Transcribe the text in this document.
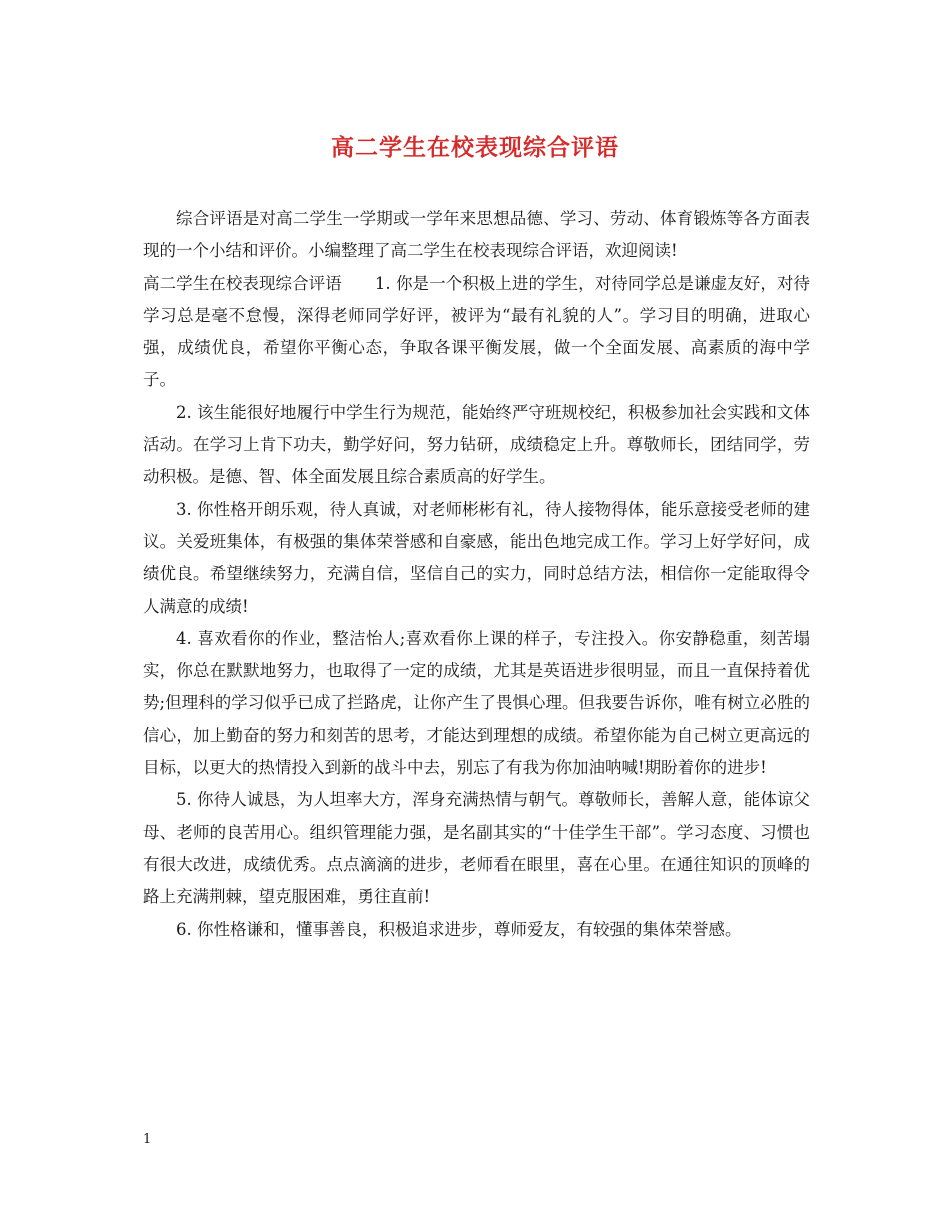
高二学生在校表现综合评语

综合评语是对高二学生一学期或一学年来思想品德、学习、劳动、体育锻炼等各方面表现的一个小结和评价。小编整理了高二学生在校表现综合评语，欢迎阅读!

高二学生在校表现综合评语　　1. 你是一个积极上进的学生，对待同学总是谦虚友好，对待学习总是毫不怠慢，深得老师同学好评，被评为“最有礼貌的人”。学习目的明确，进取心强，成绩优良，希望你平衡心态，争取各课平衡发展，做一个全面发展、高素质的海中学子。

2. 该生能很好地履行中学生行为规范，能始终严守班规校纪，积极参加社会实践和文体活动。在学习上肯下功夫，勤学好问，努力钻研，成绩稳定上升。尊敬师长，团结同学，劳动积极。是德、智、体全面发展且综合素质高的好学生。

3. 你性格开朗乐观，待人真诚，对老师彬彬有礼，待人接物得体，能乐意接受老师的建议。关爱班集体，有极强的集体荣誉感和自豪感，能出色地完成工作。学习上好学好问，成绩优良。希望继续努力，充满自信，坚信自己的实力，同时总结方法，相信你一定能取得令人满意的成绩!

4. 喜欢看你的作业，整洁怡人;喜欢看你上课的样子，专注投入。你安静稳重，刻苦塌实，你总在默默地努力，也取得了一定的成绩，尤其是英语进步很明显，而且一直保持着优势;但理科的学习似乎已成了拦路虎，让你产生了畏惧心理。但我要告诉你，唯有树立必胜的信心，加上勤奋的努力和刻苦的思考，才能达到理想的成绩。希望你能为自己树立更高远的目标，以更大的热情投入到新的战斗中去，别忘了有我为你加油呐喊!期盼着你的进步!

5. 你待人诚恳，为人坦率大方，浑身充满热情与朝气。尊敬师长，善解人意，能体谅父母、老师的良苦用心。组织管理能力强，是名副其实的“十佳学生干部”。学习态度、习惯也有很大改进，成绩优秀。点点滴滴的进步，老师看在眼里，喜在心里。在通往知识的顶峰的路上充满荆棘，望克服困难，勇往直前!

6. 你性格谦和，懂事善良，积极追求进步，尊师爱友，有较强的集体荣誉感。

1
